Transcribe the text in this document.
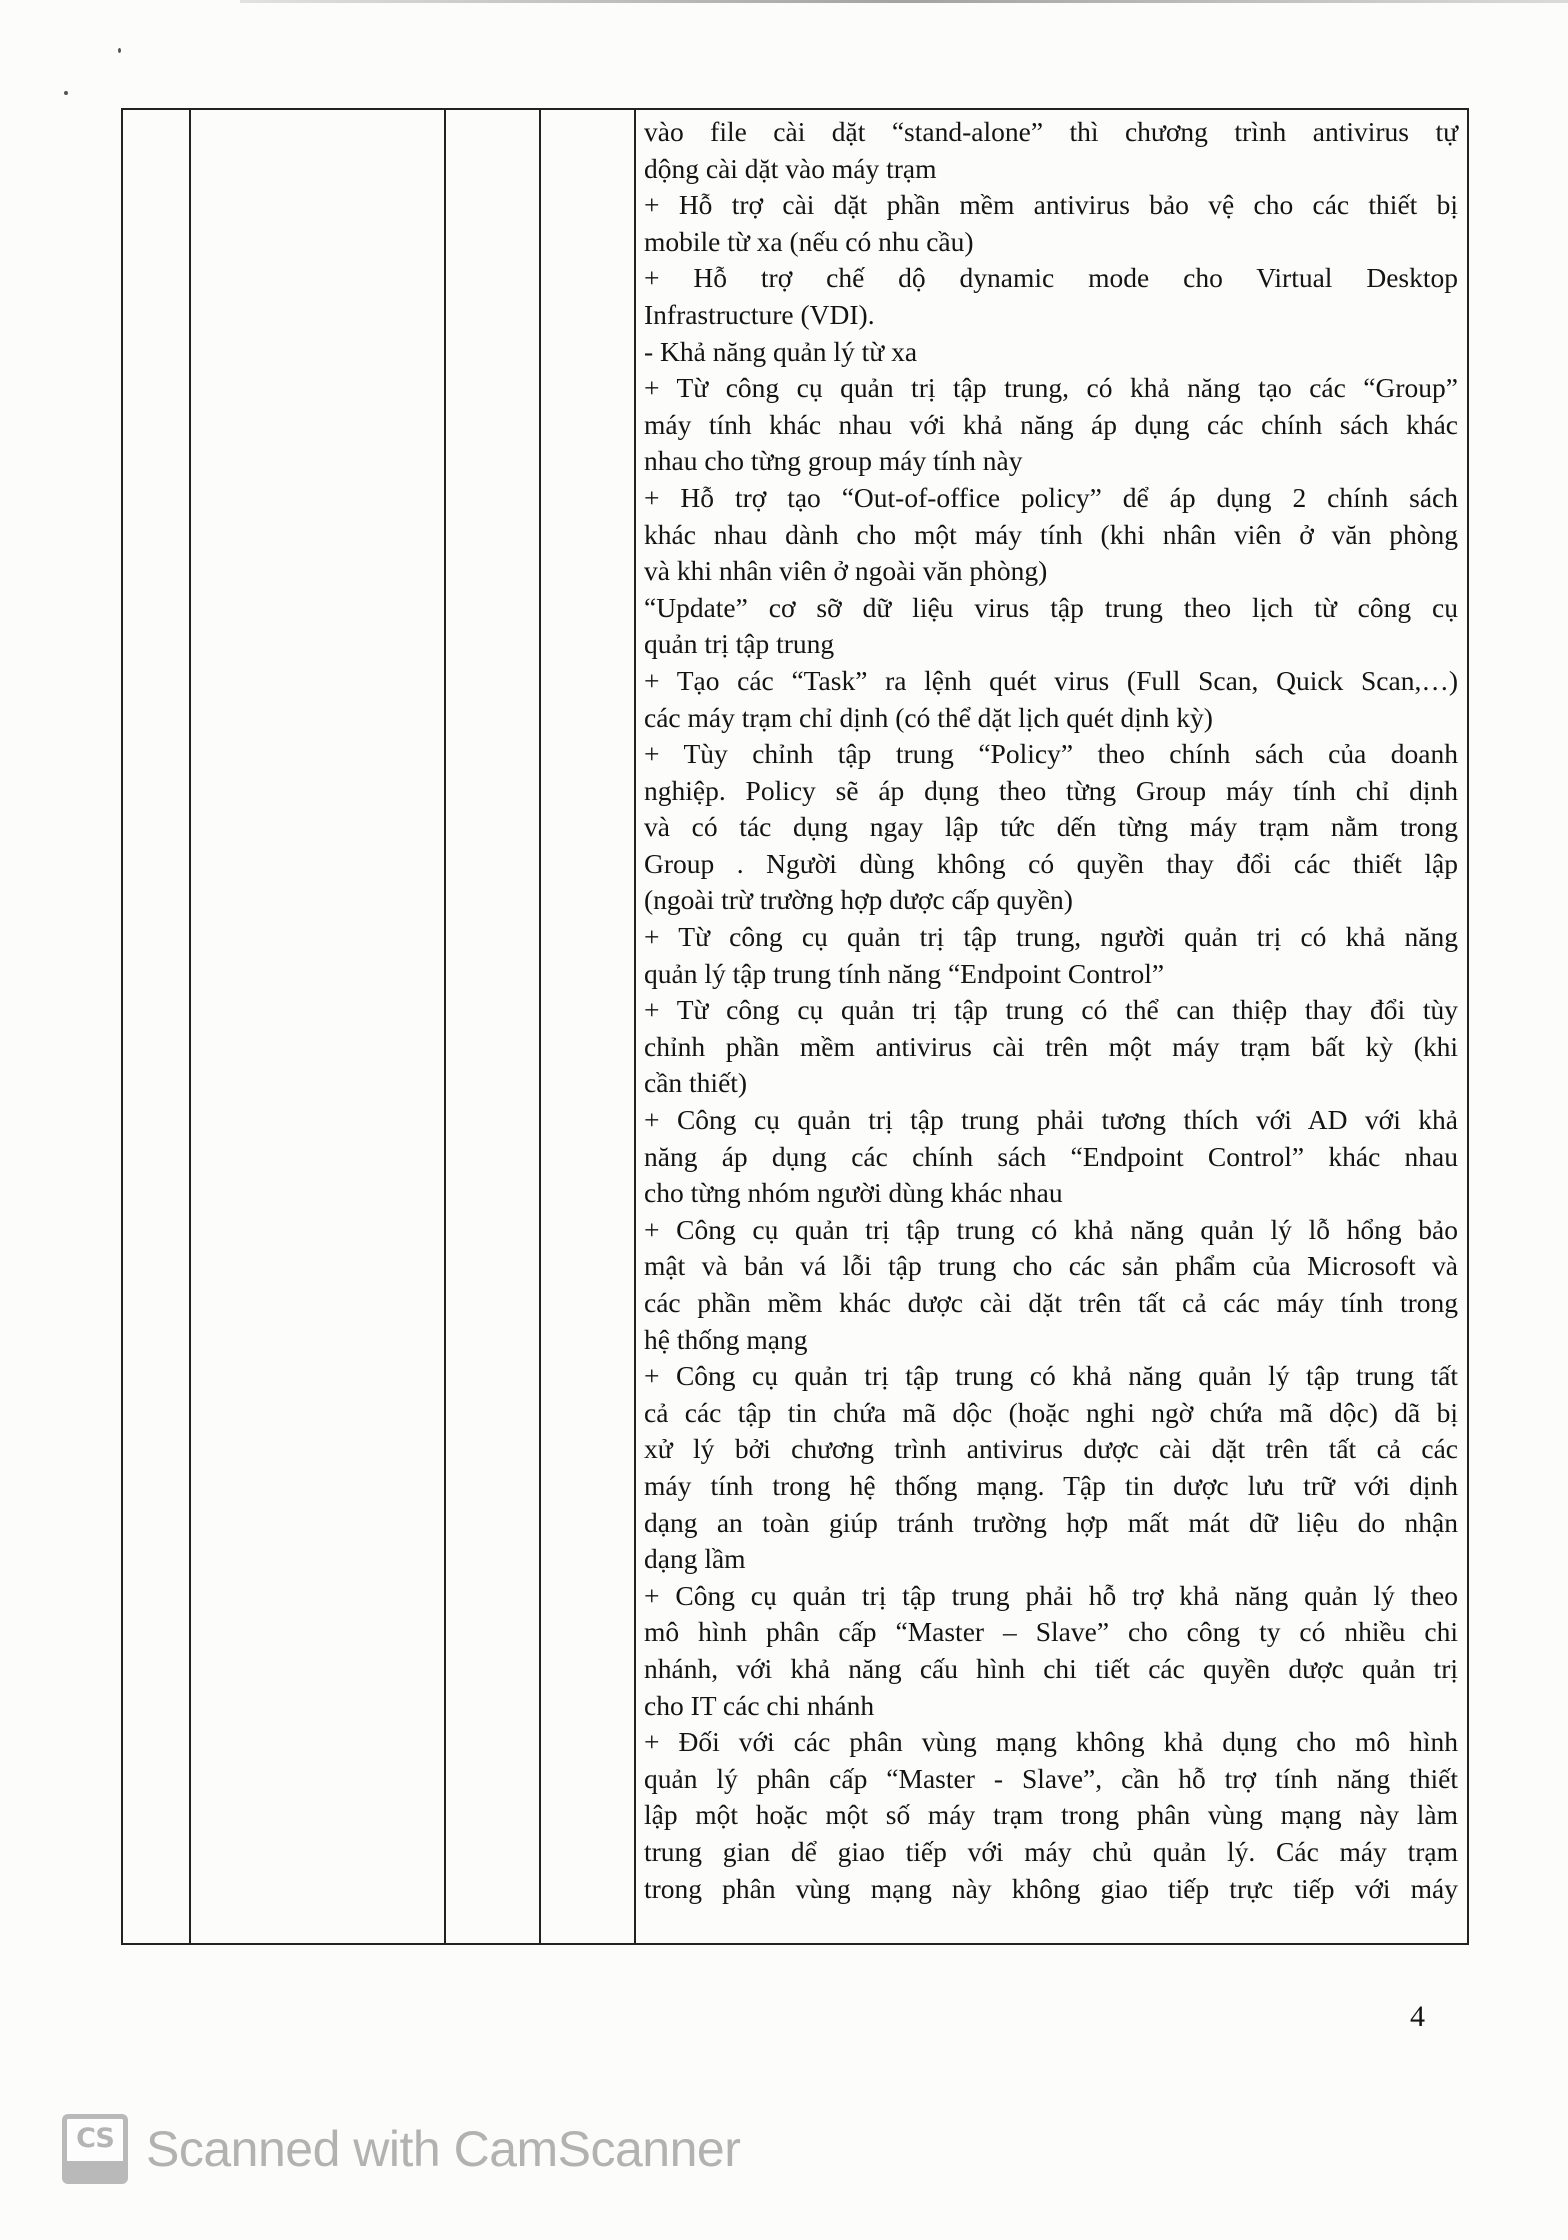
vào file cài dặt “stand-alone” thì chương trình antivirus tự
dộng cài dặt vào máy trạm
+ Hỗ trợ cài dặt phần mềm antivirus bảo vệ cho các thiết bị
mobile từ xa (nếu có nhu cầu)
+ Hỗ trợ chế dộ dynamic mode cho Virtual Desktop
Infrastructure (VDI).
- Khả năng quản lý từ xa
+ Từ công cụ quản trị tập trung, có khả năng tạo các “Group”
máy tính khác nhau với khả năng áp dụng các chính sách khác
nhau cho từng group máy tính này
+ Hỗ trợ tạo “Out-of-office policy” dể áp dụng 2 chính sách
khác nhau dành cho một máy tính (khi nhân viên ở văn phòng
và khi nhân viên ở ngoài văn phòng)
“Update” cơ sỡ dữ liệu virus tập trung theo lịch từ công cụ
quản trị tập trung
+ Tạo các “Task” ra lệnh quét virus (Full Scan, Quick Scan,…)
các máy trạm chỉ dịnh (có thể dặt lịch quét dịnh kỳ)
+ Tùy chỉnh tập trung “Policy” theo chính sách của doanh
nghiệp. Policy sẽ áp dụng theo từng Group máy tính chỉ dịnh
và có tác dụng ngay lập tức dến từng máy trạm nằm trong
Group . Người dùng không có quyền thay đổi các thiết lập
(ngoài trừ trường hợp dược cấp quyền)
+ Từ công cụ quản trị tập trung, người quản trị có khả năng
quản lý tập trung tính năng “Endpoint Control”
+ Từ công cụ quản trị tập trung có thể can thiệp thay đổi tùy
chỉnh phần mềm antivirus cài trên một máy trạm bất kỳ (khi
cần thiết)
+ Công cụ quản trị tập trung phải tương thích với AD với khả
năng áp dụng các chính sách “Endpoint Control” khác nhau
cho từng nhóm người dùng khác nhau
+ Công cụ quản trị tập trung có khả năng quản lý lỗ hổng bảo
mật và bản vá lỗi tập trung cho các sản phẩm của Microsoft và
các phần mềm khác dược cài dặt trên tất cả các máy tính trong
hệ thống mạng
+ Công cụ quản trị tập trung có khả năng quản lý tập trung tất
cả các tập tin chứa mã dộc (hoặc nghi ngờ chứa mã dộc) dã bị
xử lý bởi chương trình antivirus dược cài dặt trên tất cả các
máy tính trong hệ thống mạng. Tập tin dược lưu trữ với dịnh
dạng an toàn giúp tránh trường hợp mất mát dữ liệu do nhận
dạng lầm
+ Công cụ quản trị tập trung phải hỗ trợ khả năng quản lý theo
mô hình phân cấp “Master – Slave” cho công ty có nhiều chi
nhánh, với khả năng cấu hình chi tiết các quyền dược quản trị
cho IT các chi nhánh
+ Đối với các phân vùng mạng không khả dụng cho mô hình
quản lý phân cấp “Master - Slave”, cần hỗ trợ tính năng thiết
lập một hoặc một số máy trạm trong phân vùng mạng này làm
trung gian dể giao tiếp với máy chủ quản lý. Các máy trạm
trong phân vùng mạng này không giao tiếp trực tiếp với máy
4
CS Scanned with CamScanner
